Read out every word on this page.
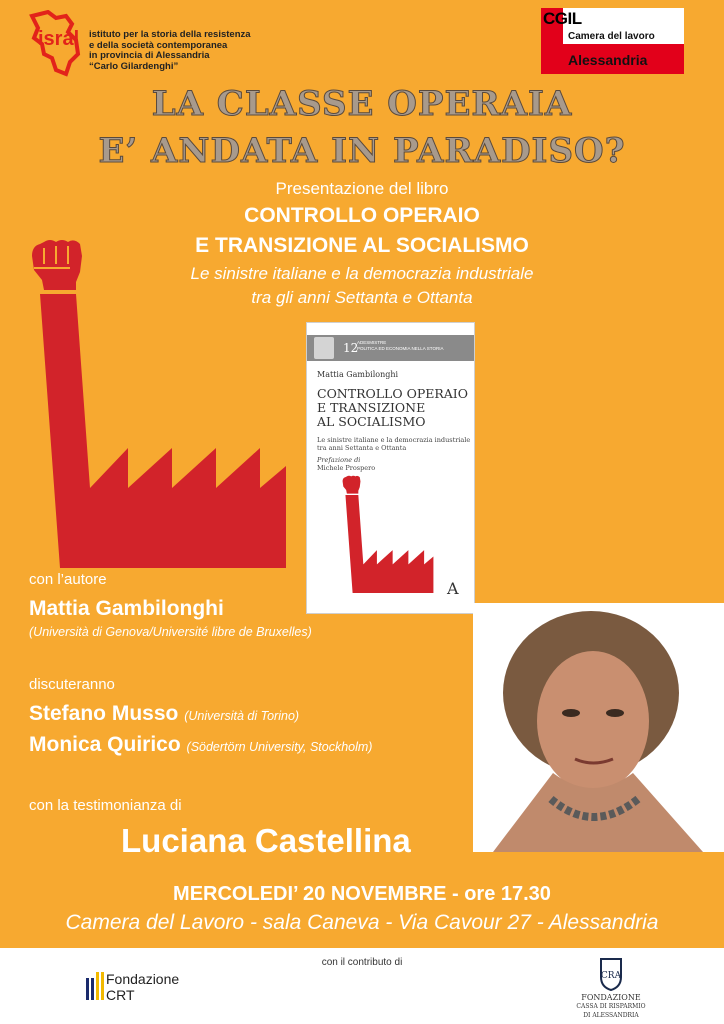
isral istituto per la storia della resistenza
e della società contemporanea
in provincia di Alessandria
“Carlo Gilardenghi”
CGIL
Camera del lavoro
Alessandria
LA CLASSE OPERAIA
E’ ANDATA IN PARADISO?
Presentazione del libro
CONTROLLO OPERAIO
E TRANSIZIONE AL SOCIALISMO
Le sinistre italiane e la democrazia industriale
tra gli anni Settanta e Ottanta
12
ADESMISTRE
POLITICA ED ECONOMIA NELLA STORIA
Mattia Gambilonghi
CONTROLLO OPERAIO
E TRANSIZIONE
AL SOCIALISMO
Le sinistre italiane e la democrazia industriale
tra anni Settanta e Ottanta
Prefazione di
Michele Prospero
A
con l’autore
Mattia Gambilonghi
(Università di Genova/Université libre de Bruxelles)
discuteranno
Stefano Musso (Università di Torino)
Monica Quirico (Södertörn University, Stockholm)
con la testimonianza di
Luciana Castellina
MERCOLEDI’ 20 NOVEMBRE - ore 17.30
Camera del Lavoro - sala Caneva - Via Cavour 27 - Alessandria
con il contributo di
Fondazione
CRT
CRA
FONDAZIONE
CASSA DI RISPARMIO
DI ALESSANDRIA
